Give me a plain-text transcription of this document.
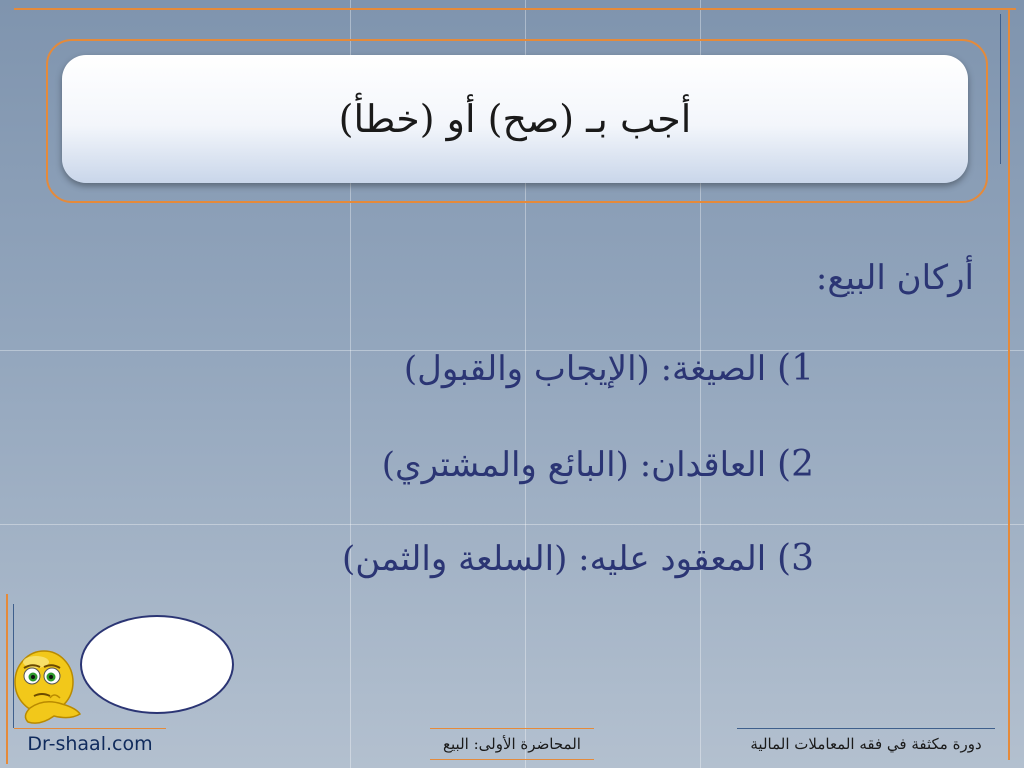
أجب بـ (صح) أو (خطأ)
أركان البيع:
1) الصيغة: (الإيجاب والقبول)
2) العاقدان: (البائع والمشتري)
3) المعقود عليه: (السلعة والثمن)
Dr-shaal.com	المحاضرة الأولى: البيع	دورة مكثفة في فقه المعاملات المالية
